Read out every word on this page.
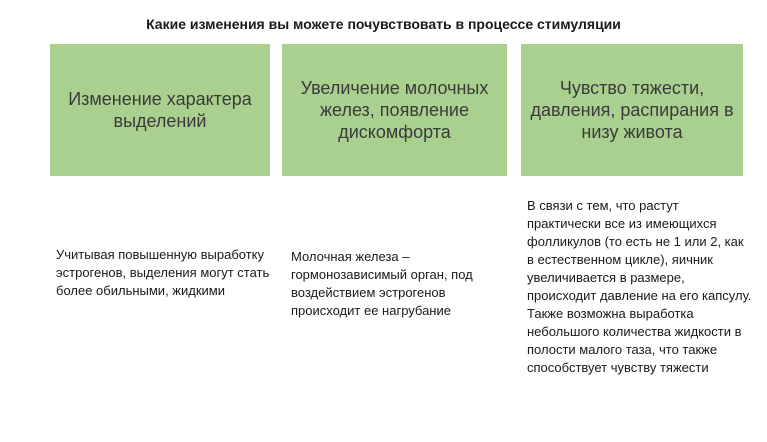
Какие изменения вы можете почувствовать в процессе стимуляции
Изменение характера выделений
Увеличение молочных желез, появление дискомфорта
Чувство тяжести, давления, распирания в низу живота
Учитывая повышенную выработку эстрогенов, выделения могут стать более обильными, жидкими
Молочная железа – гормонозависимый орган, под воздействием эстрогенов происходит ее нагрубание
В связи с тем, что растут практически все из имеющихся фолликулов (то есть не 1 или 2, как в естественном цикле), яичник увеличивается в размере, происходит давление на его капсулу. Также возможна выработка небольшого количества жидкости в полости малого таза, что также способствует чувству тяжести
